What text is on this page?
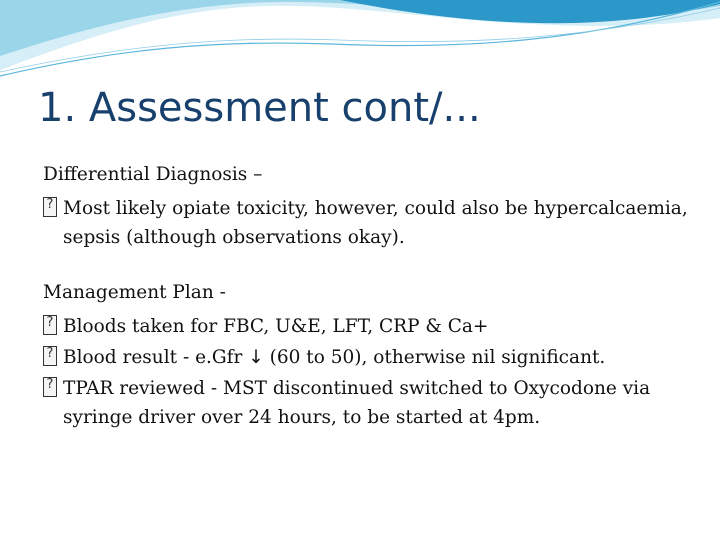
1. Assessment cont/...

Differential Diagnosis –

?
Most likely opiate toxicity, however, could also be hypercalcaemia, sepsis (although observations okay).

Management Plan -

?
Bloods taken for FBC, U&E, LFT, CRP & Ca+
?
Blood result - e.Gfr ↓ (60 to 50), otherwise nil significant.
?
TPAR reviewed - MST discontinued switched to Oxycodone via syringe driver over 24 hours, to be started at 4pm.
